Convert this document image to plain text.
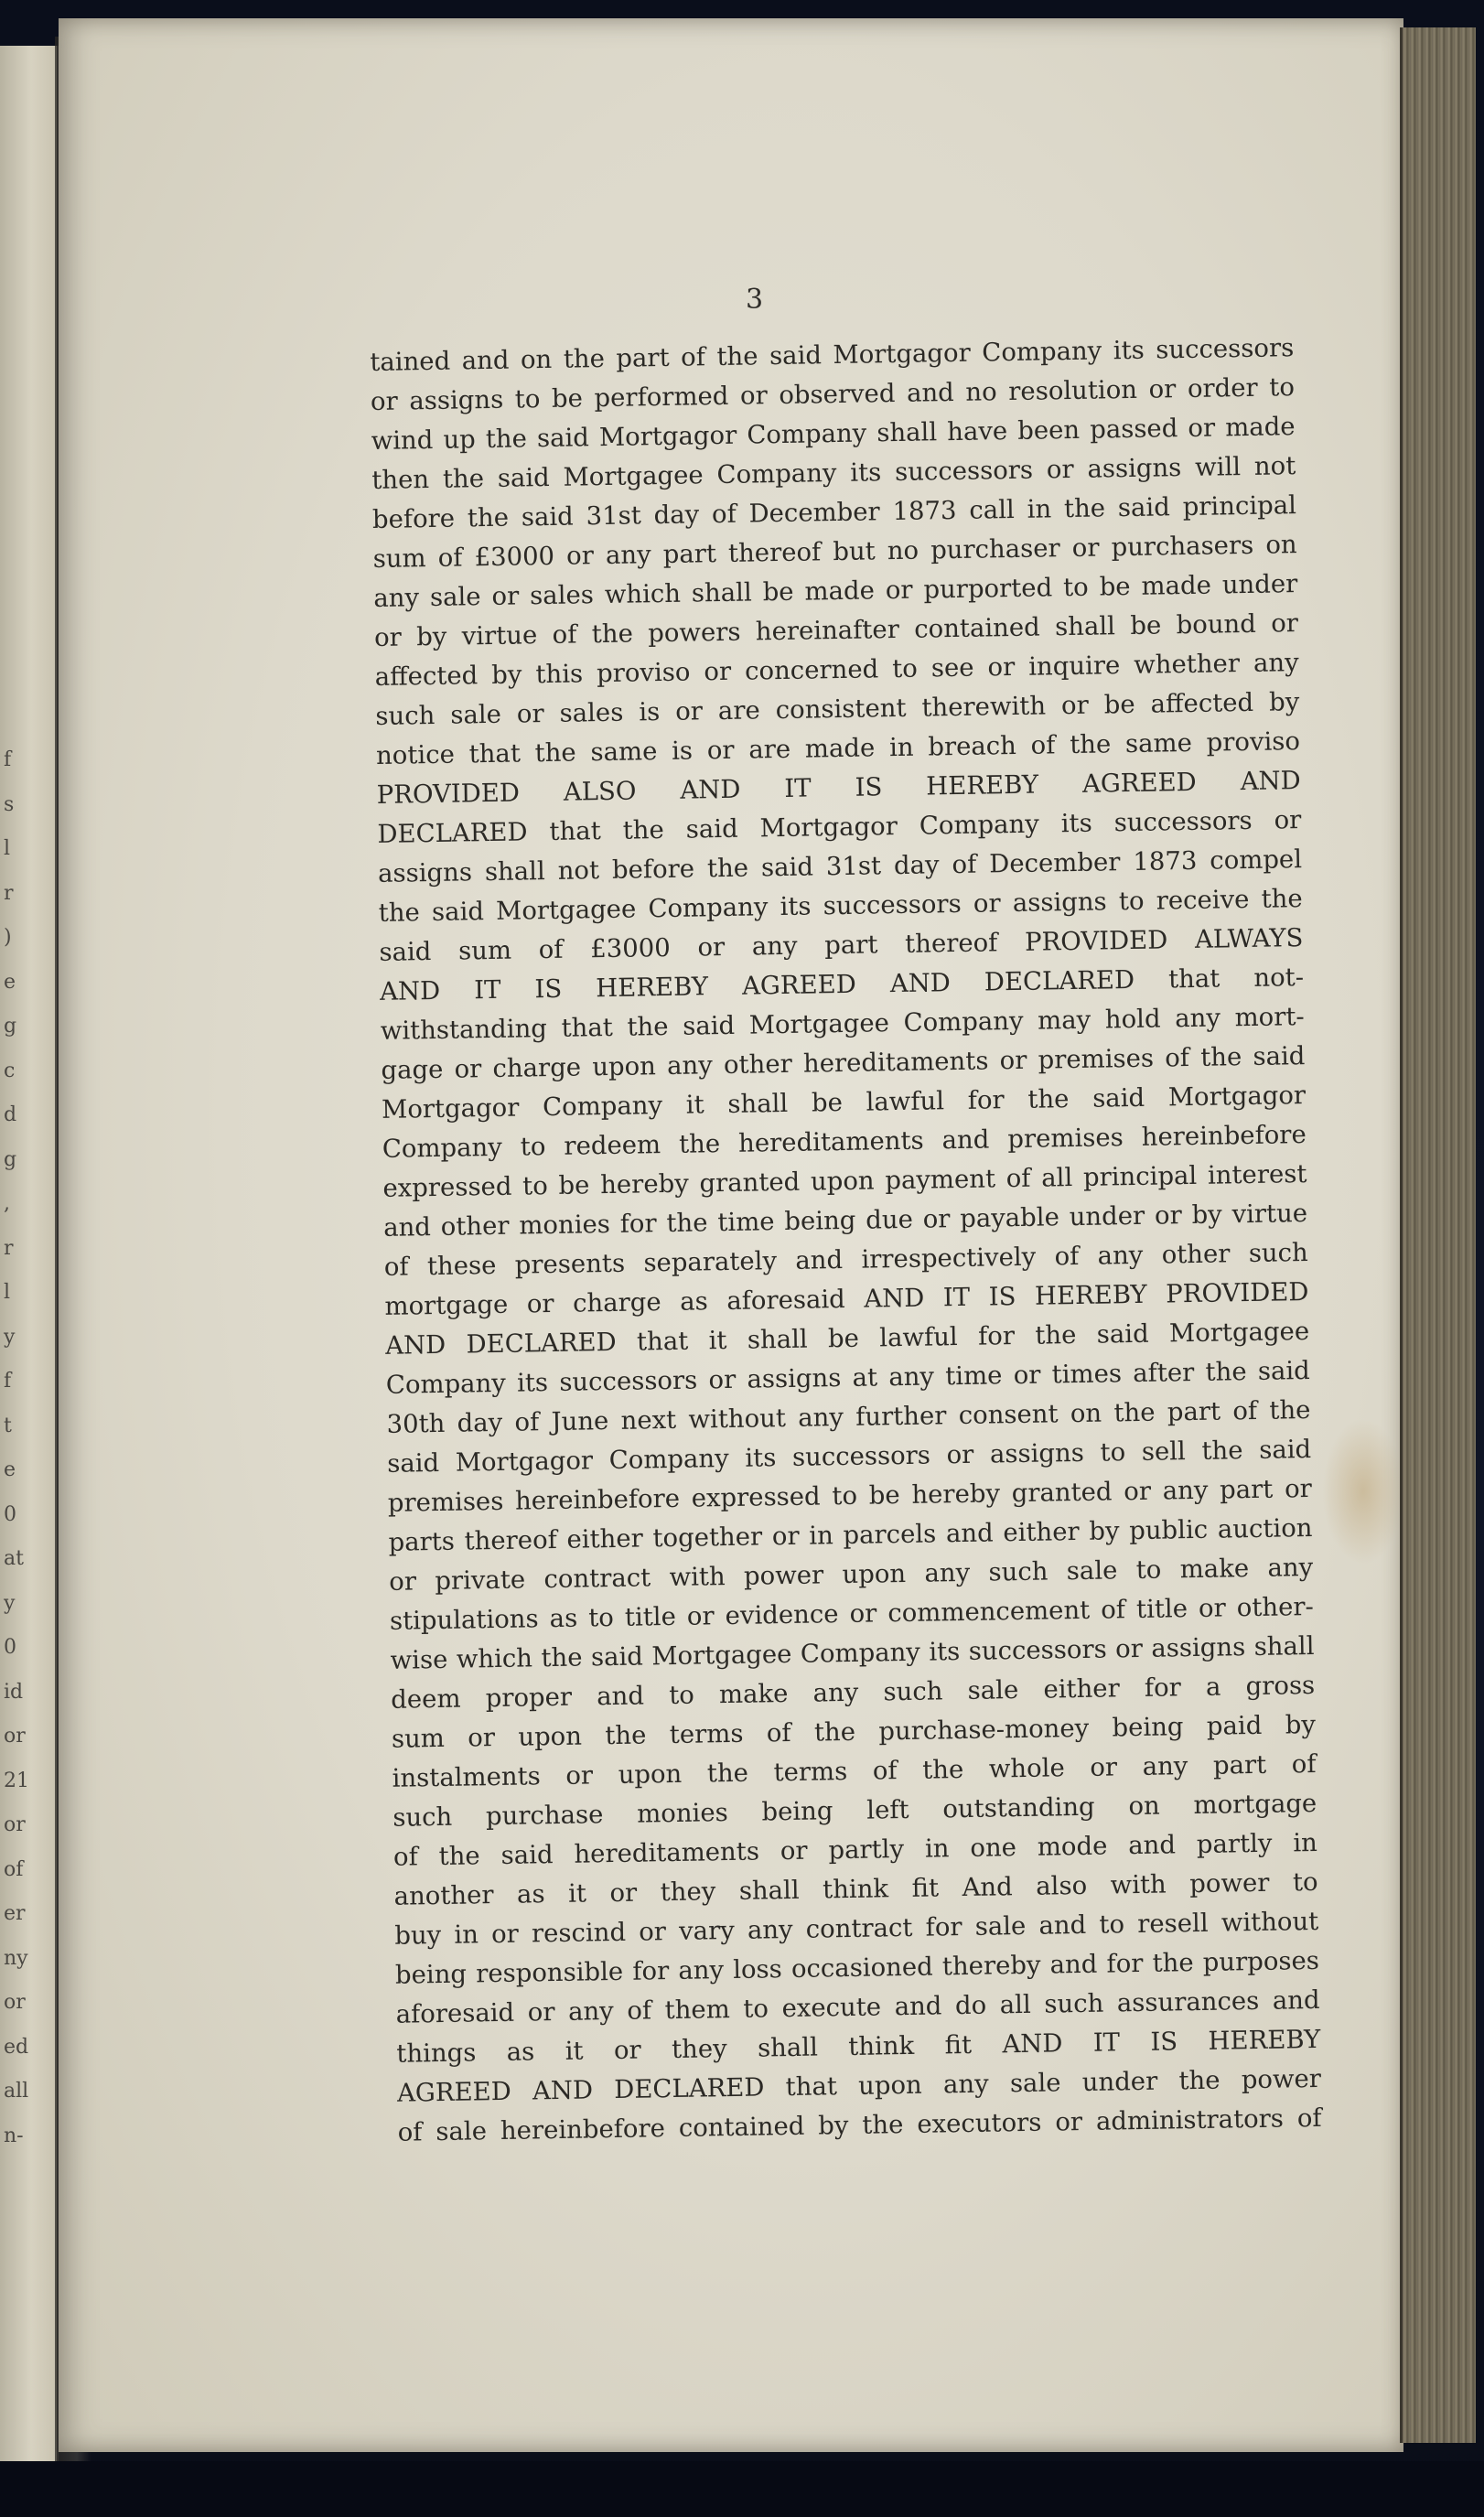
f
s
l
r
)
e
g
c
d
g
,
r
l
y
f
t
e
0
at
y
0
id
or
21
or
of
er
ny
or
ed
all
n-

3

tained and on the part of the said Mortgagor Company its successors
or assigns to be performed or observed and no resolution or order to
wind up the said Mortgagor Company shall have been passed or made
then the said Mortgagee Company its successors or assigns will not
before the said 31st day of December 1873 call in the said principal
sum of £3000 or any part thereof but no purchaser or purchasers on
any sale or sales which shall be made or purported to be made under
or by virtue of the powers hereinafter contained shall be bound or
affected by this proviso or concerned to see or inquire whether any
such sale or sales is or are consistent therewith or be affected by
notice that the same is or are made in breach of the same proviso
PROVIDED ALSO AND IT IS HEREBY AGREED AND
DECLARED that the said Mortgagor Company its successors or
assigns shall not before the said 31st day of December 1873 compel
the said Mortgagee Company its successors or assigns to receive the
said sum of £3000 or any part thereof PROVIDED ALWAYS
AND IT IS HEREBY AGREED AND DECLARED that not-
withstanding that the said Mortgagee Company may hold any mort-
gage or charge upon any other hereditaments or premises of the said
Mortgagor Company it shall be lawful for the said Mortgagor
Company to redeem the hereditaments and premises hereinbefore
expressed to be hereby granted upon payment of all principal interest
and other monies for the time being due or payable under or by virtue
of these presents separately and irrespectively of any other such
mortgage or charge as aforesaid AND IT IS HEREBY PROVIDED
AND DECLARED that it shall be lawful for the said Mortgagee
Company its successors or assigns at any time or times after the said
30th day of June next without any further consent on the part of the
said Mortgagor Company its successors or assigns to sell the said
premises hereinbefore expressed to be hereby granted or any part or
parts thereof either together or in parcels and either by public auction
or private contract with power upon any such sale to make any
stipulations as to title or evidence or commencement of title or other-
wise which the said Mortgagee Company its successors or assigns shall
deem proper and to make any such sale either for a gross
sum or upon the terms of the purchase-money being paid by
instalments or upon the terms of the whole or any part of
such purchase monies being left outstanding on mortgage
of the said hereditaments or partly in one mode and partly in
another as it or they shall think fit And also with power to
buy in or rescind or vary any contract for sale and to resell without
being responsible for any loss occasioned thereby and for the purposes
aforesaid or any of them to execute and do all such assurances and
things as it or they shall think fit AND IT IS HEREBY
AGREED AND DECLARED that upon any sale under the power
of sale hereinbefore contained by the executors or administrators of
